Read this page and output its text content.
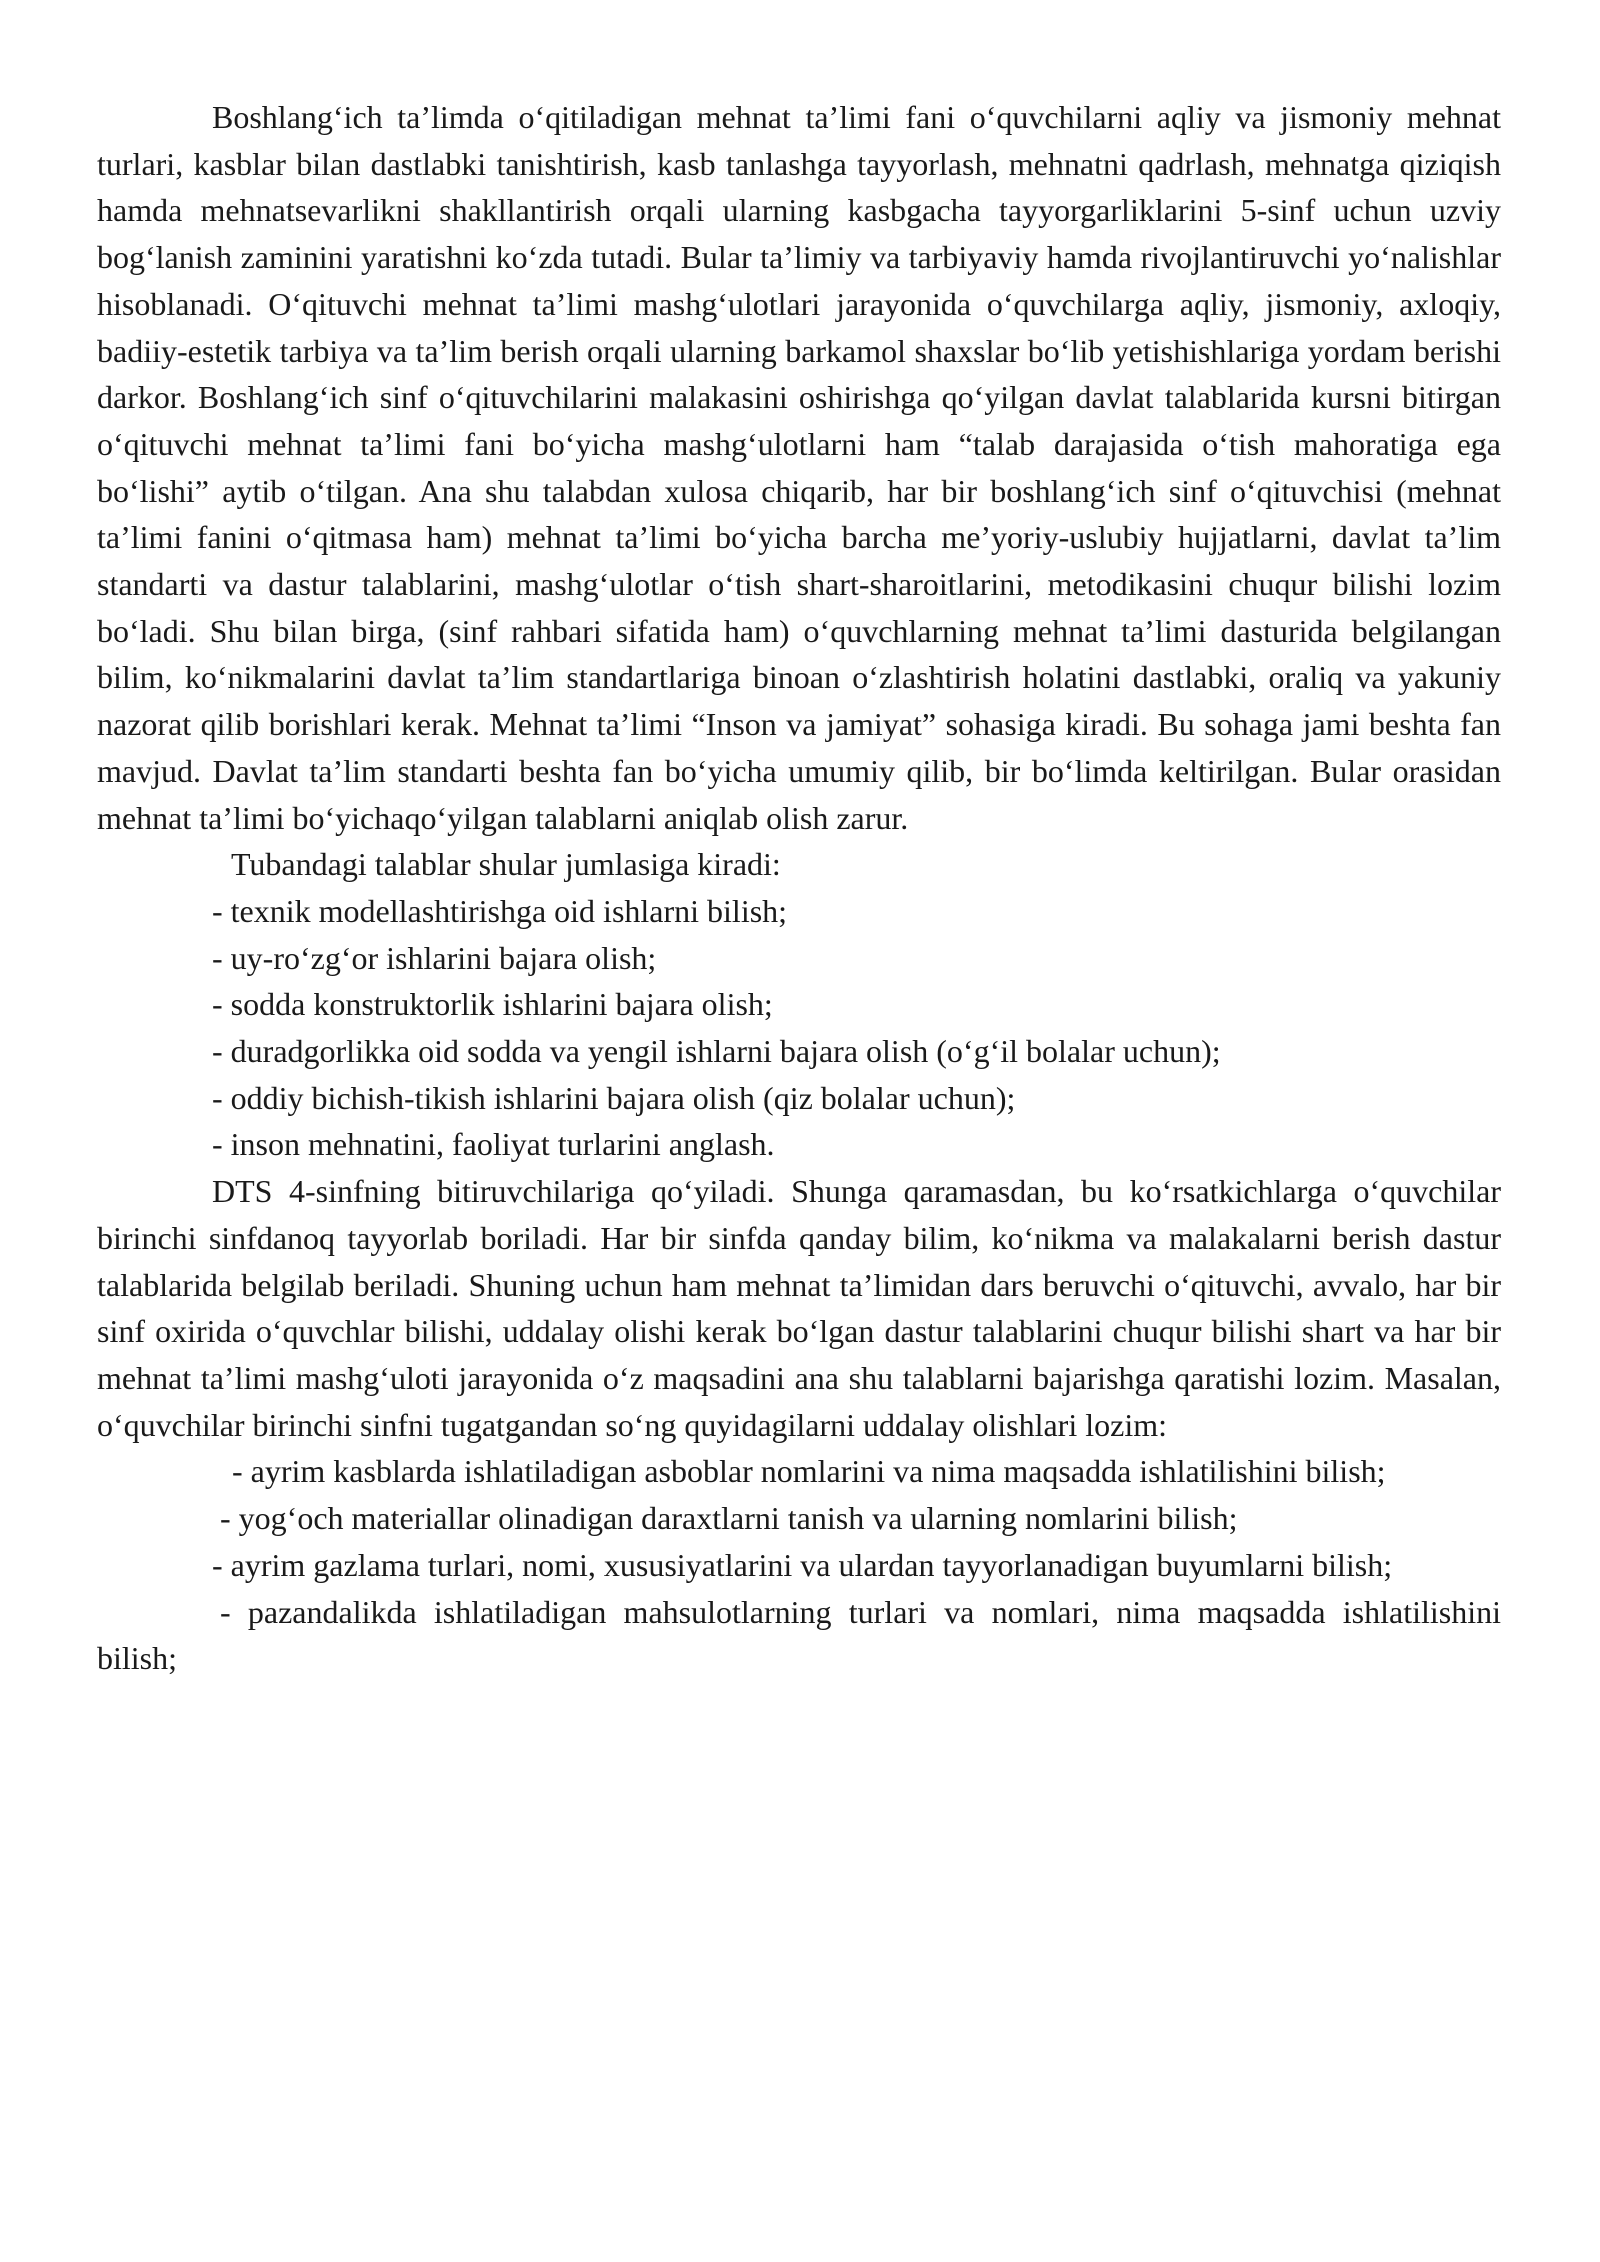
Boshlang‘ich ta’limda o‘qitiladigan mehnat ta’limi fani o‘quvchilarni aqliy va jismoniy mehnat turlari, kasblar bilan dastlabki tanishtirish, kasb tanlashga tayyorlash, mehnatni qadrlash, mehnatga qiziqish hamda mehnatsevarlikni shakllantirish orqali ularning kasbgacha tayyorgarliklarini 5-sinf uchun uzviy bog‘lanish zaminini yaratishni ko‘zda tutadi. Bular ta’limiy va tarbiyaviy hamda rivojlantiruvchi yo‘nalishlar hisoblanadi. O‘qituvchi mehnat ta’limi mashg‘ulotlari jarayonida o‘quvchilarga aqliy, jismoniy, axloqiy, badiiy-estetik tarbiya va ta’lim berish orqali ularning barkamol shaxslar bo‘lib yetishishlariga yordam berishi darkor. Boshlang‘ich sinf o‘qituvchilarini malakasini oshirishga qo‘yilgan davlat talablarida kursni bitirgan o‘qituvchi mehnat ta’limi fani bo‘yicha mashg‘ulotlarni ham “talab darajasida o‘tish mahoratiga ega bo‘lishi” aytib o‘tilgan. Ana shu talabdan xulosa chiqarib, har bir boshlang‘ich sinf o‘qituvchisi (mehnat ta’limi fanini o‘qitmasa ham) mehnat ta’limi bo‘yicha barcha me’yoriy-uslubiy hujjatlarni, davlat ta’lim standarti va dastur talablarini, mashg‘ulotlar o‘tish shart-sharoitlarini, metodikasini chuqur bilishi lozim bo‘ladi. Shu bilan birga, (sinf rahbari sifatida ham) o‘quvchlarning mehnat ta’limi dasturida belgilangan bilim, ko‘nikmalarini davlat ta’lim standartlariga binoan o‘zlashtirish holatini dastlabki, oraliq va yakuniy nazorat qilib borishlari kerak. Mehnat ta’limi “Inson va jamiyat” sohasiga kiradi. Bu sohaga jami beshta fan mavjud. Davlat ta’lim standarti beshta fan bo‘yicha umumiy qilib, bir bo‘limda keltirilgan. Bular orasidan mehnat ta’limi bo‘yichaqo‘yilgan talablarni aniqlab olish zarur.

Tubandagi talablar shular jumlasiga kiradi:

- texnik modellashtirishga oid ishlarni bilish;

- uy-ro‘zg‘or ishlarini bajara olish;

- sodda konstruktorlik ishlarini bajara olish;

- duradgorlikka oid sodda va yengil ishlarni bajara olish (o‘g‘il bolalar uchun);

- oddiy bichish-tikish ishlarini bajara olish (qiz bolalar uchun);

- inson mehnatini, faoliyat turlarini anglash.

DTS 4-sinfning bitiruvchilariga qo‘yiladi. Shunga qaramasdan, bu ko‘rsatkichlarga o‘quvchilar birinchi sinfdanoq tayyorlab boriladi. Har bir sinfda qanday bilim, ko‘nikma va malakalarni berish dastur talablarida belgilab beriladi. Shuning uchun ham mehnat ta’limidan dars beruvchi o‘qituvchi, avvalo, har bir sinf oxirida o‘quvchlar bilishi, uddalay olishi kerak bo‘lgan dastur talablarini chuqur bilishi shart va har bir mehnat ta’limi mashg‘uloti jarayonida o‘z maqsadini ana shu talablarni bajarishga qaratishi lozim. Masalan, o‘quvchilar birinchi sinfni tugatgandan so‘ng quyidagilarni uddalay olishlari lozim:

- ayrim kasblarda ishlatiladigan asboblar nomlarini va nima maqsadda ishlatilishini bilish;

- yog‘och materiallar olinadigan daraxtlarni tanish va ularning nomlarini bilish;

- ayrim gazlama turlari, nomi, xususiyatlarini va ulardan tayyorlanadigan buyumlarni bilish;

- pazandalikda ishlatiladigan mahsulotlarning turlari va nomlari, nima maqsadda ishlatilishini bilish;
